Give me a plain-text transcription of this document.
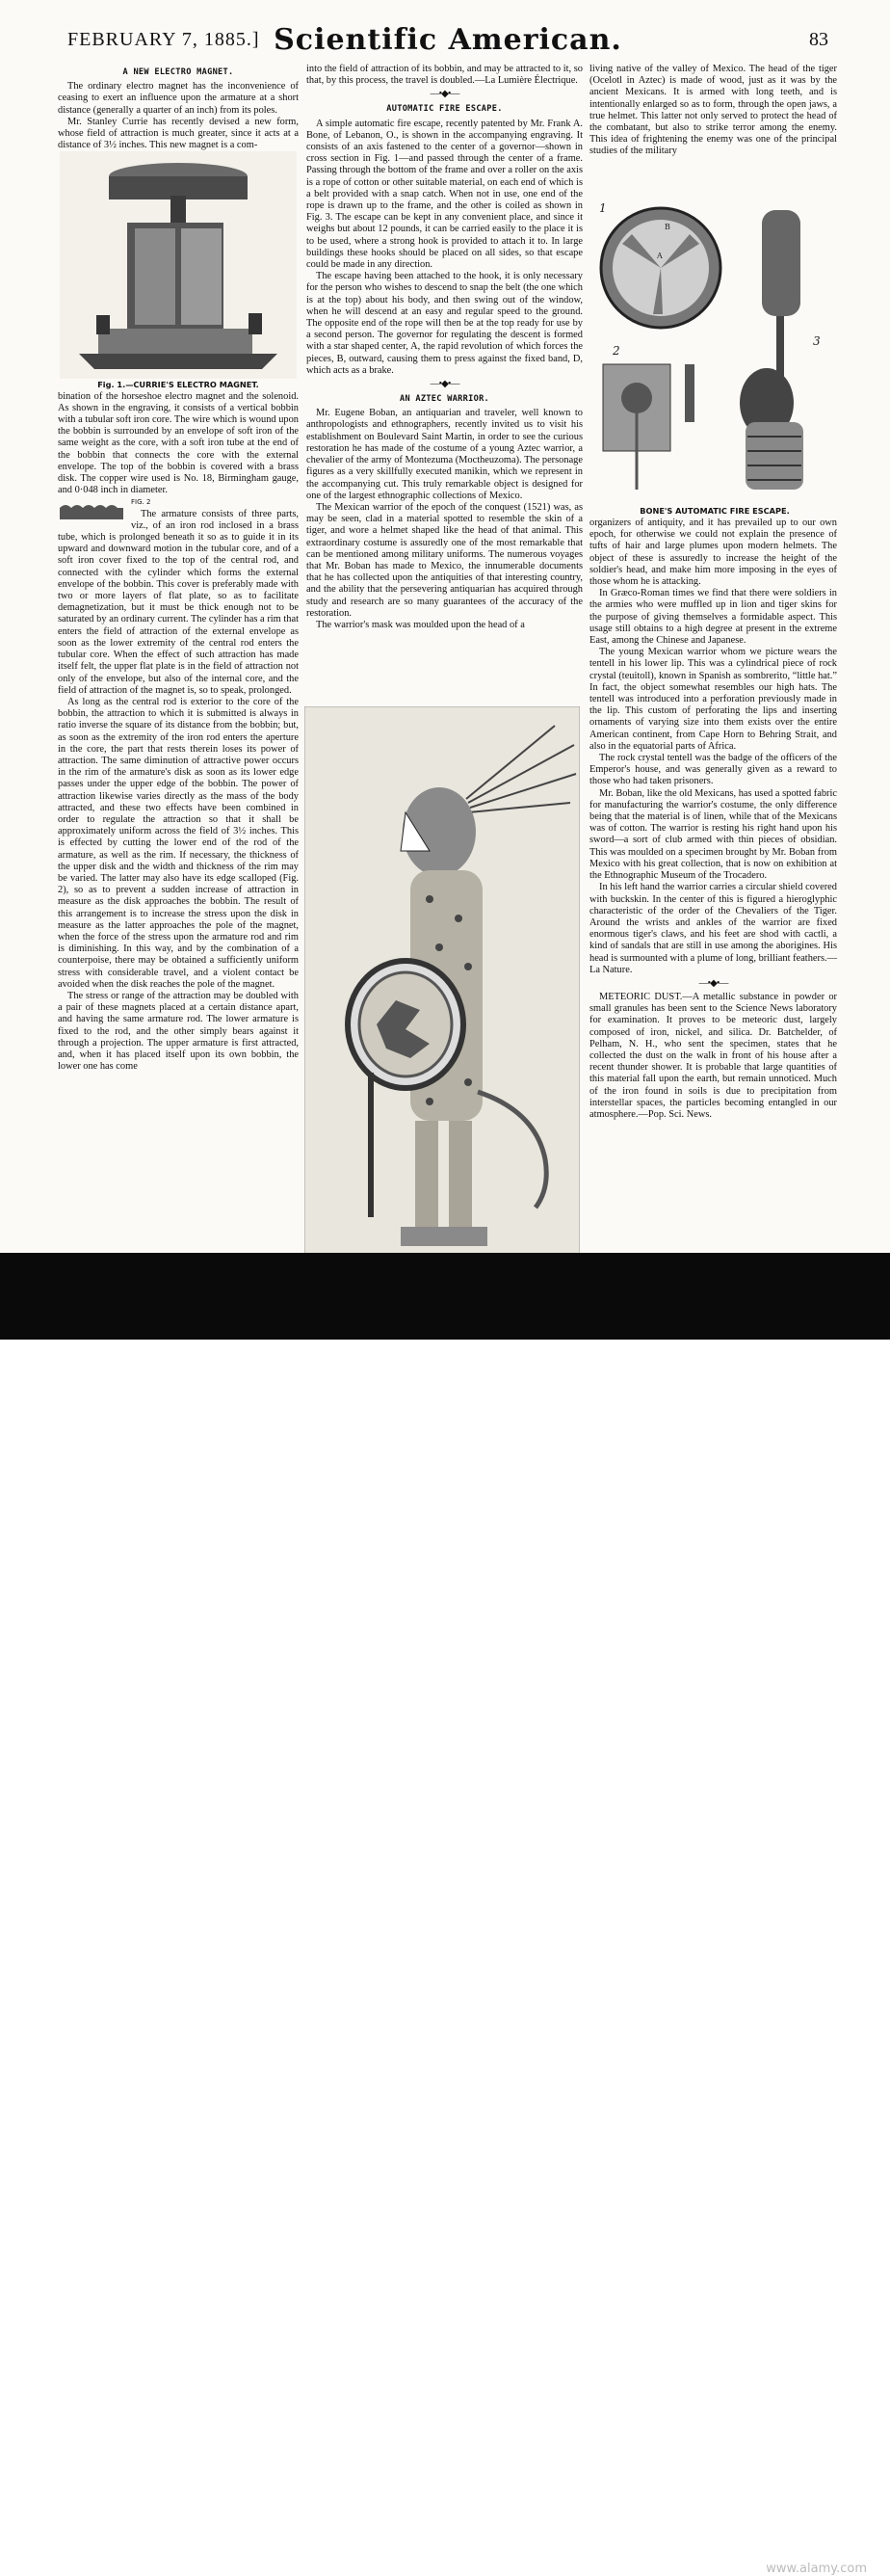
FEBRUARY 7, 1885.] Scientific American.	83
A NEW ELECTRO MAGNET.

The ordinary electro magnet has the inconvenience of ceasing to exert an influence upon the armature at a short distance (generally a quarter of an inch) from its poles.

Mr. Stanley Currie has recently devised a new form, whose field of attraction is much greater, since it acts at a distance of 3½ inches. This new magnet is a com-

Fig. 1.—CURRIE'S ELECTRO MAGNET.

bination of the horseshoe electro magnet and the solenoid. As shown in the engraving, it consists of a vertical bobbin with a tubular soft iron core. The wire which is wound upon the bobbin is surrounded by an envelope of soft iron of the same weight as the core, with a soft iron tube at the end of the bobbin that connects the core with the external envelope. The top of the bobbin is covered with a brass disk. The copper wire used is No. 18, Birmingham gauge, and 0·048 inch in diameter.

FIG. 2

The armature consists of three parts, viz., of an iron rod inclosed in a brass tube, which is prolonged beneath it so as to guide it in its upward and downward motion in the tubular core, and of a soft iron cover fixed to the top of the central rod, and connected with the cylinder which forms the external envelope of the bobbin. This cover is preferably made with two or more layers of flat plate, so as to facilitate demagnetization, but it must be thick enough not to be saturated by an ordinary current. The cylinder has a rim that enters the field of attraction of the external envelope as soon as the lower extremity of the central rod enters the tubular core. When the effect of such attraction has made itself felt, the upper flat plate is in the field of attraction not only of the envelope, but also of the internal core, and the field of attraction of the magnet is, so to speak, prolonged.

As long as the central rod is exterior to the core of the bobbin, the attraction to which it is submitted is always in ratio inverse the square of its distance from the bobbin; but, as soon as the extremity of the iron rod enters the aperture in the core, the part that rests therein loses its power of attraction. The same diminution of attractive power occurs in the rim of the armature's disk as soon as its lower edge passes under the upper edge of the bobbin. The power of attraction likewise varies directly as the mass of the body attracted, and these two effects have been combined in order to regulate the attraction so that it shall be approximately uniform across the field of 3½ inches. This is effected by cutting the lower end of the rod of the armature, as well as the rim. If necessary, the thickness of the upper disk and the width and thickness of the rim may be varied. The latter may also have its edge scalloped (Fig. 2), so as to prevent a sudden increase of attraction in measure as the disk approaches the bobbin. The result of this arrangement is to increase the stress upon the disk in measure as the latter approaches the pole of the magnet, when the force of the stress upon the armature rod and rim is diminishing. In this way, and by the combination of a counterpoise, there may be obtained a sufficiently uniform stress with considerable travel, and a violent contact be avoided when the disk reaches the pole of the magnet.

The stress or range of the attraction may be doubled with a pair of these magnets placed at a certain distance apart, and having the same armature rod. The lower armature is fixed to the rod, and the other simply bears against it through a projection. The upper armature is first attracted, and, when it has placed itself upon its own bobbin, the lower one has come

into the field of attraction of its bobbin, and may be attracted to it, so that, by this process, the travel is doubled.—La Lumière Électrique.

—•◆•—
AUTOMATIC FIRE ESCAPE.

A simple automatic fire escape, recently patented by Mr. Frank A. Bone, of Lebanon, O., is shown in the accompanying engraving. It consists of an axis fastened to the center of a governor—shown in cross section in Fig. 1—and passed through the center of a frame. Passing through the bottom of the frame and over a roller on the axis is a rope of cotton or other suitable material, on each end of which is a belt provided with a snap catch. When not in use, one end of the rope is drawn up to the frame, and the other is coiled as shown in Fig. 3. The escape can be kept in any convenient place, and since it weighs but about 12 pounds, it can be carried easily to the place it is to be used, where a strong hook is provided to attach it to. In large buildings these hooks should be placed on all sides, so that escape could be made in any direction.

The escape having been attached to the hook, it is only necessary for the person who wishes to descend to snap the belt (the one which is at the top) about his body, and then swing out of the window, when he will descend at an easy and regular speed to the ground. The opposite end of the rope will then be at the top ready for use by a second person. The governor for regulating the descent is formed with a star shaped center, A, the rapid revolution of which forces the pieces, B, outward, causing them to press against the fixed band, D, which acts as a brake.

—•◆•—
AN AZTEC WARRIOR.

Mr. Eugene Boban, an antiquarian and traveler, well known to anthropologists and ethnographers, recently invited us to visit his establishment on Boulevard Saint Martin, in order to see the curious restoration he has made of the costume of a young Aztec warrior, a chevalier of the army of Montezuma (Moctheuzoma). The personage figures as a very skillfully executed manikin, which we represent in the accompanying cut. This truly remarkable object is designed for one of the largest ethnographic collections of Mexico.

The Mexican warrior of the epoch of the conquest (1521) was, as may be seen, clad in a material spotted to resemble the skin of a tiger, and wore a helmet shaped like the head of that animal. This extraordinary costume is assuredly one of the most remarkable that can be mentioned among military uniforms. The numerous voyages that Mr. Boban has made to Mexico, the innumerable documents that he has collected upon the antiquities of that interesting country, and the ability that the persevering antiquarian has acquired through study and research are so many guarantees of the accuracy of the restoration.

The warrior's mask was moulded upon the head of a

living native of the valley of Mexico. The head of the tiger (Ocelotl in Aztec) is made of wood, just as it was by the ancient Mexicans. It is armed with long teeth, and is intentionally enlarged so as to form, through the open jaws, a true helmet. This latter not only served to protect the head of the combatant, but also to strike terror among the enemy. This idea of frightening the enemy was one of the principal studies of the military

1
2
3
B
A
BONE'S AUTOMATIC FIRE ESCAPE.

organizers of antiquity, and it has prevailed up to our own epoch, for otherwise we could not explain the presence of tufts of hair and large plumes upon modern helmets. The object of these is assuredly to increase the height of the soldier's head, and make him more imposing in the eyes of those whom he is attacking.

In Græco-Roman times we find that there were soldiers in the armies who were muffled up in lion and tiger skins for the purpose of giving themselves a formidable aspect. This usage still obtains to a high degree at present in the extreme East, among the Chinese and Japanese.

The young Mexican warrior whom we picture wears the tentell in his lower lip. This was a cylindrical piece of rock crystal (teuitoll), known in Spanish as sombrerito, “little hat.” In fact, the object somewhat resembles our high hats. The tentell was introduced into a perforation previously made in the lip. This custom of perforating the lips and inserting ornaments of varying size into them exists over the entire American continent, from Cape Horn to Behring Strait, and also in the equatorial parts of Africa.

The rock crystal tentell was the badge of the officers of the Emperor's house, and was generally given as a reward to those who had taken prisoners.

Mr. Boban, like the old Mexicans, has used a spotted fabric for manufacturing the warrior's costume, the only difference being that the material is of linen, while that of the Mexicans was of cotton. The warrior is resting his right hand upon his sword—a sort of club armed with thin pieces of obsidian. This was moulded on a specimen brought by Mr. Boban from Mexico with his great collection, that is now on exhibition at the Ethnographic Museum of the Trocadero.

In his left hand the warrior carries a circular shield covered with buckskin. In the center of this is figured a hieroglyphic characteristic of the order of the Chevaliers of the Tiger. Around the wrists and ankles of the warrior are fixed enormous tiger's claws, and his feet are shod with cactli, a kind of sandals that are still in use among the aborigines. His head is surmounted with a plume of long, brilliant feathers.—La Nature.

—•◆•—

METEORIC DUST.—A metallic substance in powder or small granules has been sent to the Science News laboratory for examination. It proves to be meteoric dust, largely composed of iron, nickel, and silica. Dr. Batchelder, of Pelham, N. H., who sent the specimen, states that he collected the dust on the walk in front of his house after a recent thunder shower. It is probable that large quantities of this material fall upon the earth, but remain unnoticed. Much of the iron found in soils is due to precipitation from interstellar spaces, the particles becoming entangled in our atmosphere.—Pop. Sci. News.

alamy	2ABWY21
www.alamy.com
